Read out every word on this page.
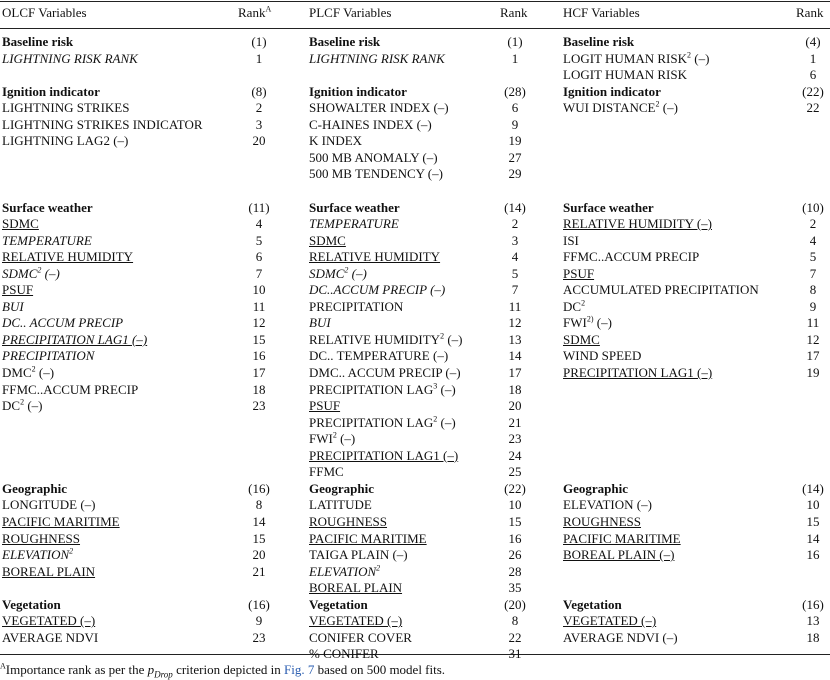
OLCF Variables	Rank$^A$
Baseline risk	(1)
LIGHTNING RISK RANK	1
Ignition indicator	(8)
LIGHTNING STRIKES	2
LIGHTNING STRIKES INDICATOR	3
LIGHTNING LAG2 (–)	20
Surface weather	(11)
SDMC	4
TEMPERATURE	5
RELATIVE HUMIDITY	6
SDMC$^2$ (–)	7
PSUF	10
BUI	11
DC.. ACCUM PRECIP	12
PRECIPITATION LAG1 (–)	15
PRECIPITATION	16
DMC$^2$ (–)	17
FFMC..ACCUM PRECIP	18
$DC^2$ (–)	23
Geographic	(16)
LONGITUDE (–)	8
PACIFIC MARITIME	14
ROUGHNESS	15
ELEVATION$^2$	20
BOREAL PLAIN	21
Vegetation	(16)
VEGETATED (–)	9
AVERAGE NDVI	23
PLCF Variables	Rank
Baseline risk	(1)
LIGHTNING RISK RANK	1
Ignition indicator	(28)
SHOWALTER INDEX (–)	6
C-HAINES INDEX (–)	9
K INDEX	19
500 MB ANOMALY (–)	27
500 MB TENDENCY (–)	29
Surface weather	(14)
TEMPERATURE	2
SDMC	3
RELATIVE HUMIDITY	4
SDMC$^2$ (–)	5
DC..ACCUM PRECIP (–)	7
PRECIPITATION	11
BUI	12
RELATIVE HUMIDITY$^2$ (–)	13
DC.. TEMPERATURE (–)	14
DMC.. ACCUM PRECIP (–)	17
PRECIPITATION LAG$^3$ (–)	18
PSUF	20
PRECIPITATION LAG$^2$ (–)	21
FWI$^2$ (–)	23
PRECIPITATION LAG1 (–)	24
FFMC	25
Geographic	(22)
LATITUDE	10
ROUGHNESS	15
PACIFIC MARITIME	16
TAIGA PLAIN (–)	26
ELEVATION$^2$	28
BOREAL PLAIN	35
Vegetation	(20)
VEGETATED (–)	8
CONIFER COVER	22
% CONIFER	31
HCF Variables	Rank
Baseline risk	(4)
LOGIT HUMAN RISK$^2$ (–)	1
LOGIT HUMAN RISK	6
Ignition indicator	(22)
WUI DISTANCE$^2$ (–)	22
Surface weather	(10)
RELATIVE HUMIDITY (–)	2
ISI	4
FFMC..ACCUM PRECIP	5
PSUF	7
ACCUMULATED PRECIPITATION	8
$DC^2$	9
FWI$^{2)}$ (–)	11
SDMC	12
WIND SPEED	17
PRECIPITATION LAG1 (–)	19
Geographic	(14)
ELEVATION (–)	10
ROUGHNESS	15
PACIFIC MARITIME	14
BOREAL PLAIN (–)	16
Vegetation	(16)
VEGETATED (–)	13
AVERAGE NDVI (–)	18
$^A$Importance rank as per the $p_{Drop}$ criterion depicted in Fig. 7 based on 500 model fits.
